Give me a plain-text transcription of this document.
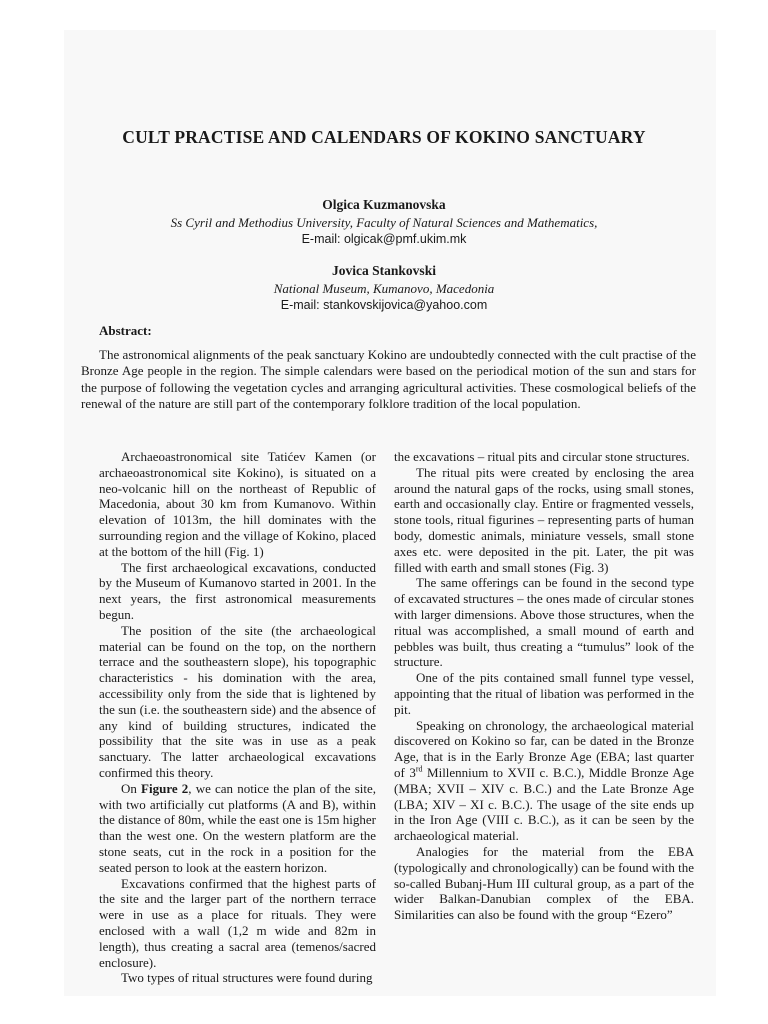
CULT PRACTISE AND CALENDARS OF KOKINO SANCTUARY
Olgica Kuzmanovska
Ss Cyril and Methodius University, Faculty of Natural Sciences and Mathematics,
E-mail: olgicak@pmf.ukim.mk
Jovica Stankovski
National Museum, Kumanovo, Macedonia
E-mail: stankovskijovica@yahoo.com
Abstract:

The astronomical alignments of the peak sanctuary Kokino are undoubtedly connected with the cult practise of the Bronze Age people in the region. The simple calendars were based on the periodical motion of the sun and stars for the purpose of following the vegetation cycles and arranging agricultural activities. These cosmological beliefs of the renewal of the nature are still part of the contemporary folklore tradition of the local population.

Archaeoastronomical site Tatićev Kamen (or archaeoastronomical site Kokino), is situated on a neo-volcanic hill on the northeast of Republic of Macedonia, about 30 km from Kumanovo. Within elevation of 1013m, the hill dominates with the surrounding region and the village of Kokino, placed at the bottom of the hill (Fig. 1)

The first archaeological excavations, conducted by the Museum of Kumanovo started in 2001. In the next years, the first astronomical measurements begun.

The position of the site (the archaeological material can be found on the top, on the northern terrace and the southeastern slope), his topographic characteristics - his domination with the area, accessibility only from the side that is lightened by the sun (i.e. the southeastern side) and the absence of any kind of building structures, indicated the possibility that the site was in use as a peak sanctuary. The latter archaeological excavations confirmed this theory.

On Figure 2, we can notice the plan of the site, with two artificially cut platforms (A and B), within the distance of 80m, while the east one is 15m higher than the west one. On the western platform are the stone seats, cut in the rock in a position for the seated person to look at the eastern horizon.

Excavations confirmed that the highest parts of the site and the larger part of the northern terrace were in use as a place for rituals. They were enclosed with a wall (1,2 m wide and 82m in length), thus creating a sacral area (temenos/sacred enclosure).

Two types of ritual structures were found during

the excavations – ritual pits and circular stone structures.

The ritual pits were created by enclosing the area around the natural gaps of the rocks, using small stones, earth and occasionally clay. Entire or fragmented vessels, stone tools, ritual figurines – representing parts of human body, domestic animals, miniature vessels, small stone axes etc. were deposited in the pit. Later, the pit was filled with earth and small stones (Fig. 3)

The same offerings can be found in the second type of excavated structures – the ones made of circular stones with larger dimensions. Above those structures, when the ritual was accomplished, a small mound of earth and pebbles was built, thus creating a “tumulus” look of the structure.

One of the pits contained small funnel type vessel, appointing that the ritual of libation was performed in the pit.

Speaking on chronology, the archaeological material discovered on Kokino so far, can be dated in the Bronze Age, that is in the Early Bronze Age (EBA; last quarter of 3rd Millennium to XVII c. B.C.), Middle Bronze Age (MBA; XVII – XIV c. B.C.) and the Late Bronze Age (LBA; XIV – XI c. B.C.). The usage of the site ends up in the Iron Age (VIII c. B.C.), as it can be seen by the archaeological material.

Analogies for the material from the EBA (typologically and chronologically) can be found with the so-called Bubanj-Hum III cultural group, as a part of the wider Balkan-Danubian complex of the EBA. Similarities can also be found with the group “Ezero”
